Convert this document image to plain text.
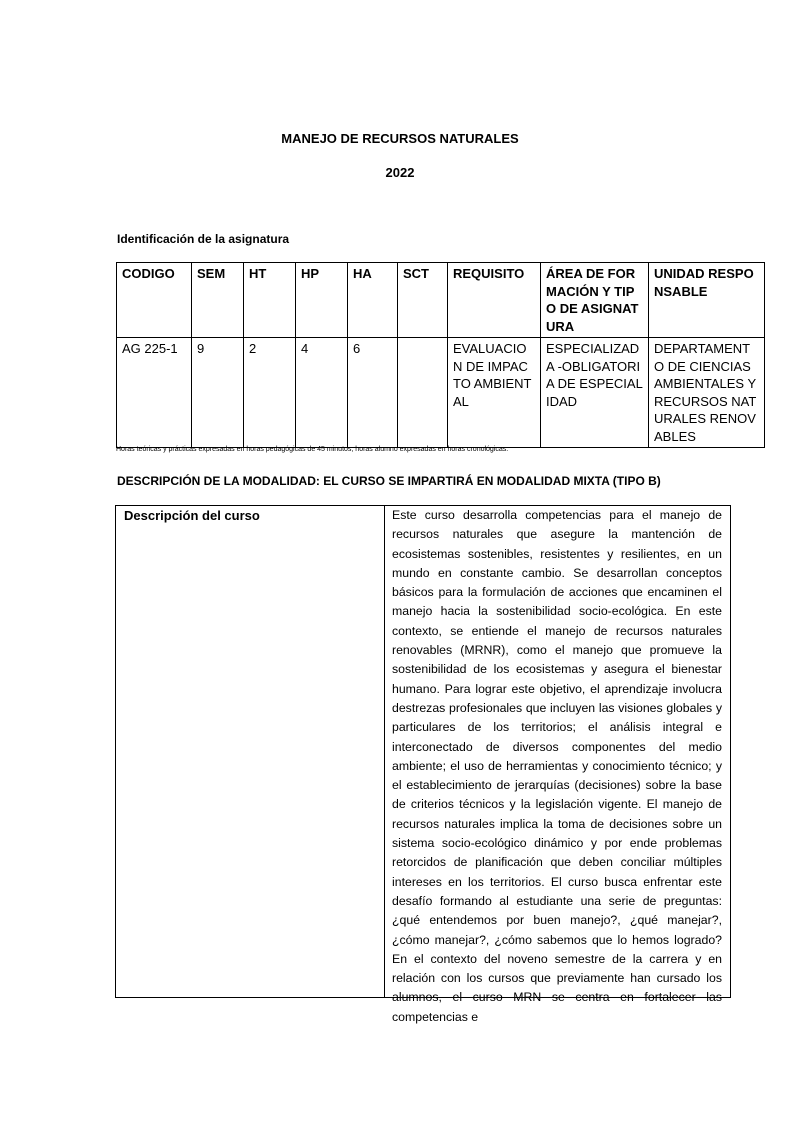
MANEJO DE RECURSOS NATURALES
2022
Identificación de la asignatura
CODIGO	SEM	HT	HP	HA	SCT	REQUISITO	ÁREA DE FORMACIÓN Y TIPO DE ASIGNATURA	UNIDAD RESPONSABLE
AG 225-1	9	2	4	6		EVALUACION DE IMPACTO AMBIENTAL	ESPECIALIZADA -OBLIGATORIA DE ESPECIALIDAD	DEPARTAMENTO DE CIENCIAS AMBIENTALES Y RECURSOS NATURALES RENOVABLES
Horas teóricas y prácticas expresadas en horas pedagógicas de 45 minutos, horas alumno expresadas en horas cronológicas.
DESCRIPCIÓN DE LA MODALIDAD: EL CURSO SE IMPARTIRÁ EN MODALIDAD MIXTA (TIPO B)
Descripción del curso	Este curso desarrolla competencias para el manejo de recursos naturales que asegure la mantención de ecosistemas sostenibles, resistentes y resilientes, en un mundo en constante cambio. Se desarrollan conceptos básicos para la formulación de acciones que encaminen el manejo hacia la sostenibilidad socio-ecológica. En este contexto, se entiende el manejo de recursos naturales renovables (MRNR), como el manejo que promueve la sostenibilidad de los ecosistemas y asegura el bienestar humano. Para lograr este objetivo, el aprendizaje involucra destrezas profesionales que incluyen las visiones globales y particulares de los territorios; el análisis integral e interconectado de diversos componentes del medio ambiente; el uso de herramientas y conocimiento técnico; y el establecimiento de jerarquías (decisiones) sobre la base de criterios técnicos y la legislación vigente. El manejo de recursos naturales implica la toma de decisiones sobre un sistema socio-ecológico dinámico y por ende problemas retorcidos de planificación que deben conciliar múltiples intereses en los territorios. El curso busca enfrentar este desafío formando al estudiante una serie de preguntas: ¿qué entendemos por buen manejo?, ¿qué manejar?, ¿cómo manejar?, ¿cómo sabemos que lo hemos logrado? En el contexto del noveno semestre de la carrera y en relación con los cursos que previamente han cursado los alumnos, el curso MRN se centra en fortalecer las competencias e
